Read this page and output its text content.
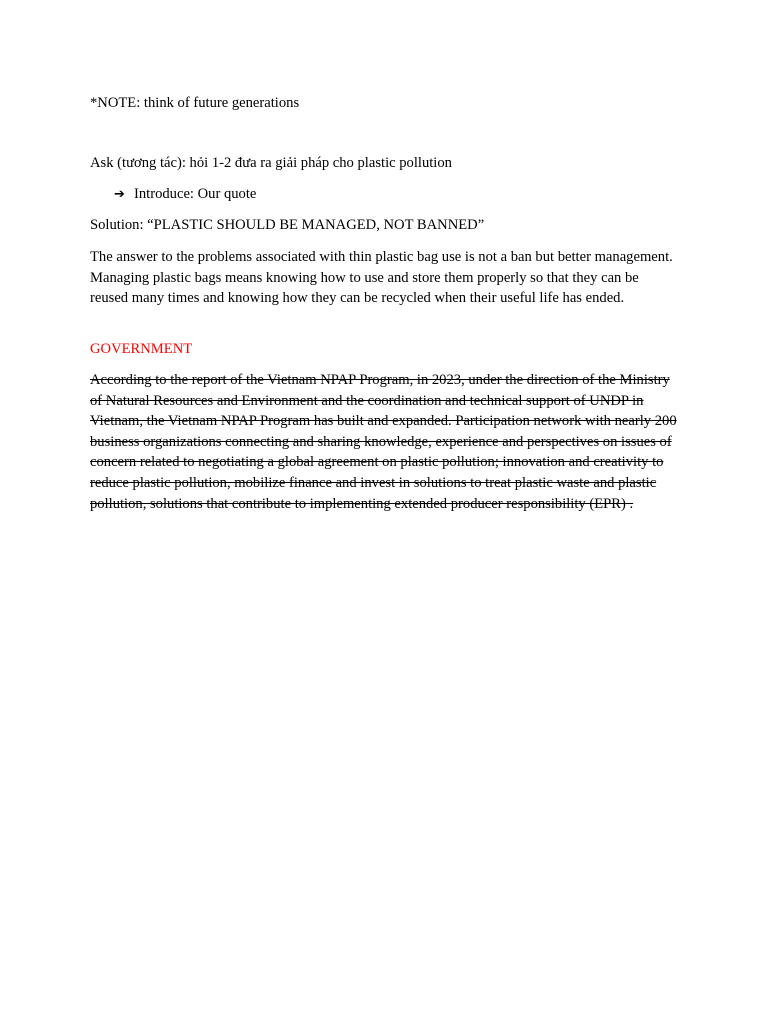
*NOTE: think of future generations
Ask (tương tác): hỏi 1-2 đưa ra giải pháp cho plastic pollution
➔ Introduce: Our quote
Solution: “PLASTIC SHOULD BE MANAGED, NOT BANNED”
The answer to the problems associated with thin plastic bag use is not a ban but better management. Managing plastic bags means knowing how to use and store them properly so that they can be reused many times and knowing how they can be recycled when their useful life has ended.
GOVERNMENT
According to the report of the Vietnam NPAP Program, in 2023, under the direction of the Ministry of Natural Resources and Environment and the coordination and technical support of UNDP in Vietnam, the Vietnam NPAP Program has built and expanded. Participation network with nearly 200 business organizations connecting and sharing knowledge, experience and perspectives on issues of concern related to negotiating a global agreement on plastic pollution; innovation and creativity to reduce plastic pollution, mobilize finance and invest in solutions to treat plastic waste and plastic pollution, solutions that contribute to implementing extended producer responsibility (EPR) .
